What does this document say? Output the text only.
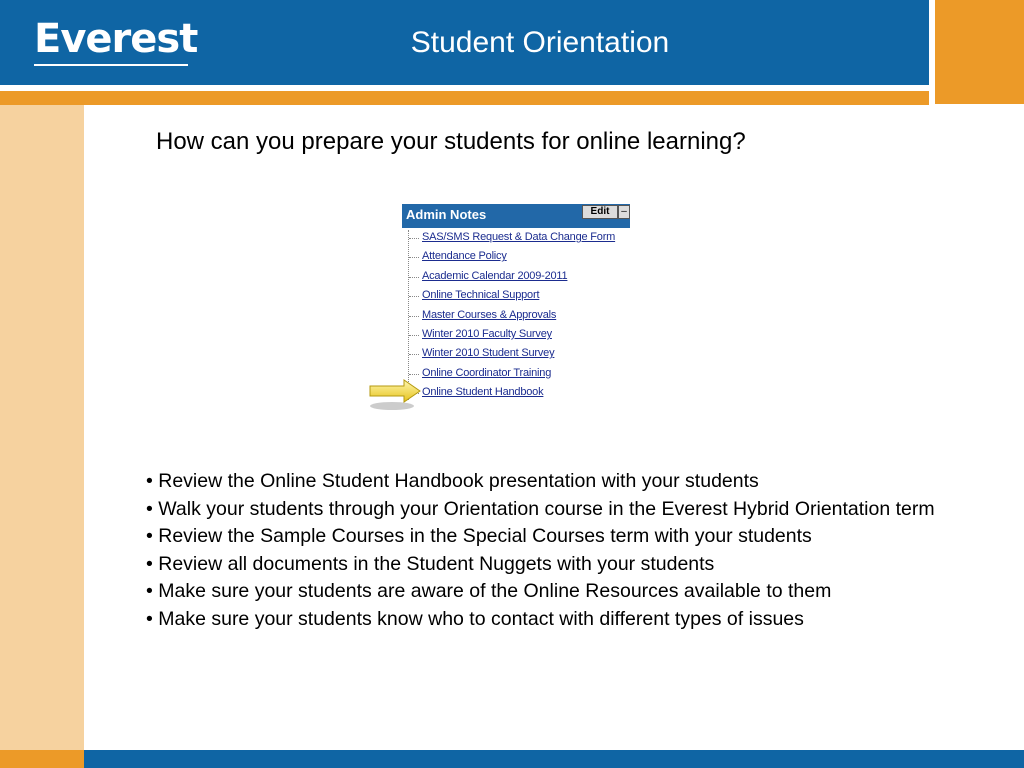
Everest	Student Orientation
How can you prepare your students for online learning?
Admin Notes	Edit	–
SAS/SMS Request & Data Change Form
Attendance Policy
Academic Calendar 2009-2011
Online Technical Support
Master Courses & Approvals
Winter 2010 Faculty Survey
Winter 2010 Student Survey
Online Coordinator Training
Online Student Handbook
• Review the Online Student Handbook presentation with your students
• Walk your students through your Orientation course in the Everest Hybrid Orientation term
• Review the Sample Courses in the Special Courses term with your students
• Review all documents in the Student Nuggets with your students
• Make sure your students are aware of the Online Resources available to them
• Make sure your students know who to contact with different types of issues
